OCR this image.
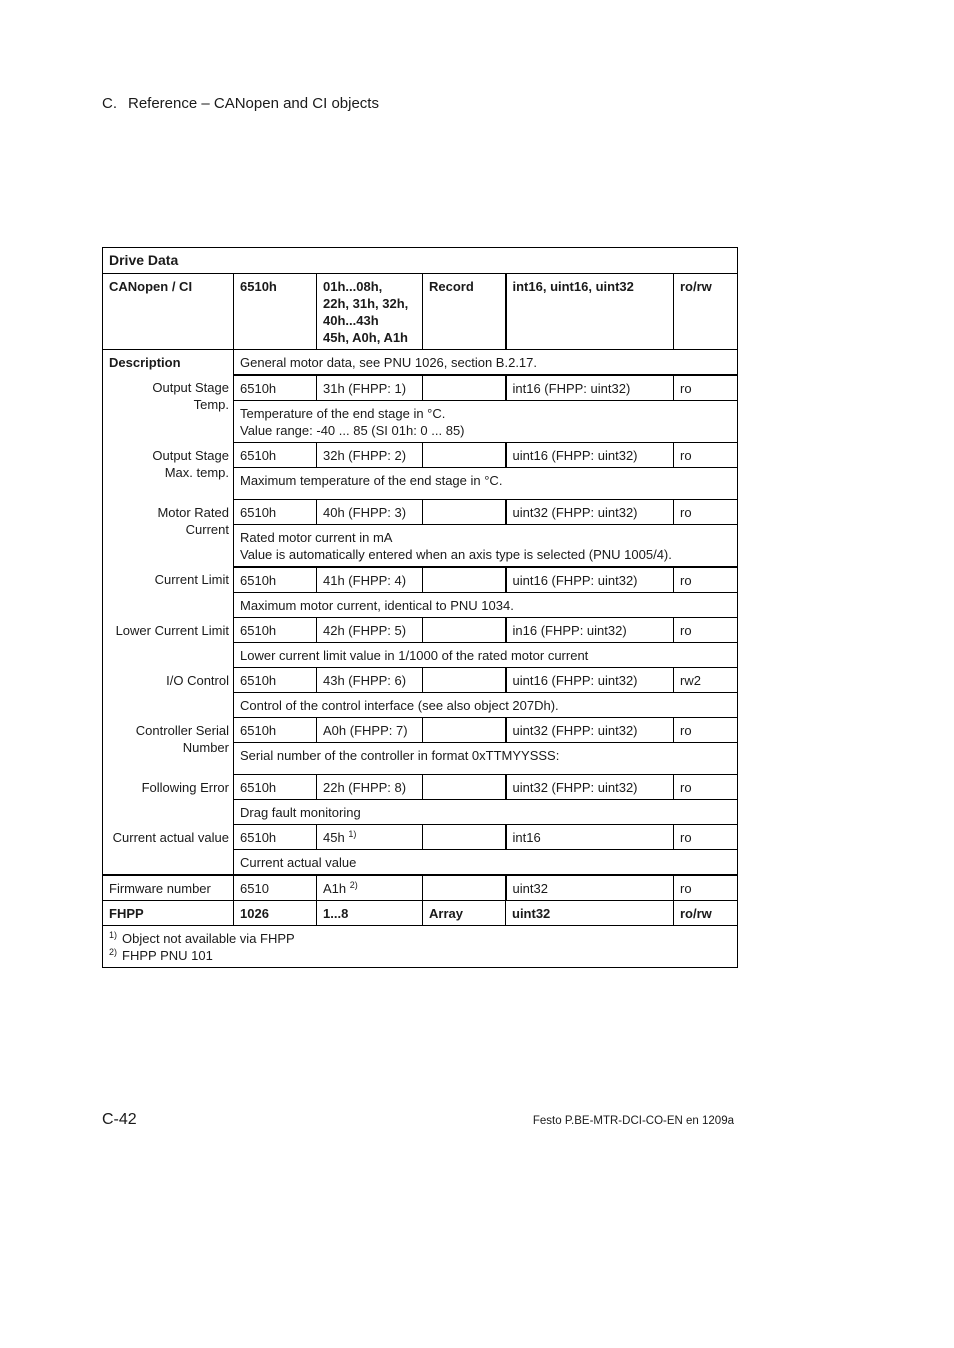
C. Reference – CANopen and CI objects
Drive Data					
CANopen / CI	6510h	01h...08h,
22h, 31h, 32h,
40h...43h
45h, A0h, A1h	Record	int16, uint16, uint32	ro/rw
Description	General motor data, see PNU 1026, section B.2.17.				

Output Stage
Temp.	6510h	31h (FHPP: 1)		int16 (FHPP: uint32)	ro

	Temperature of the end stage in °C.
Value range: -40 ... 85 (SI 01h: 0 ... 85)				

Output Stage
Max. temp.	6510h	32h (FHPP: 2)		uint16 (FHPP: uint32)	ro

	Maximum temperature of the end stage in °C.				

Motor Rated
Current	6510h	40h (FHPP: 3)		uint32 (FHPP: uint32)	ro

	Rated motor current in mA
Value is automatically entered when an axis type is selected (PNU 1005/4).				

Current Limit	6510h	41h (FHPP: 4)		uint16 (FHPP: uint32)	ro

	Maximum motor current, identical to PNU 1034.				

Lower Current Limit	6510h	42h (FHPP: 5)		in16 (FHPP: uint32)	ro

	Lower current limit value in 1/1000 of the rated motor current				

I/O Control	6510h	43h (FHPP: 6)		uint16 (FHPP: uint32)	rw2

	Control of the control interface (see also object 207Dh).				

Controller Serial
Number	6510h	A0h (FHPP: 7)		uint32 (FHPP: uint32)	ro

	Serial number of the controller in format 0xTTMYYSSS:				

Following Error	6510h	22h (FHPP: 8)		uint32 (FHPP: uint32)	ro

	Drag fault monitoring				

Current actual value	6510h	45h $^{1)}$		int16	ro

	Current actual value				

Firmware number	6510	A1h $^{2)}$		uint32	ro
FHPP	1026	1...8	Array	uint32	ro/rw

$^{1)}$ Object not available via FHPP
$^{2)}$ FHPP PNU 101					
C-42	Festo P.BE-MTR-DCI-CO-EN en 1209a
